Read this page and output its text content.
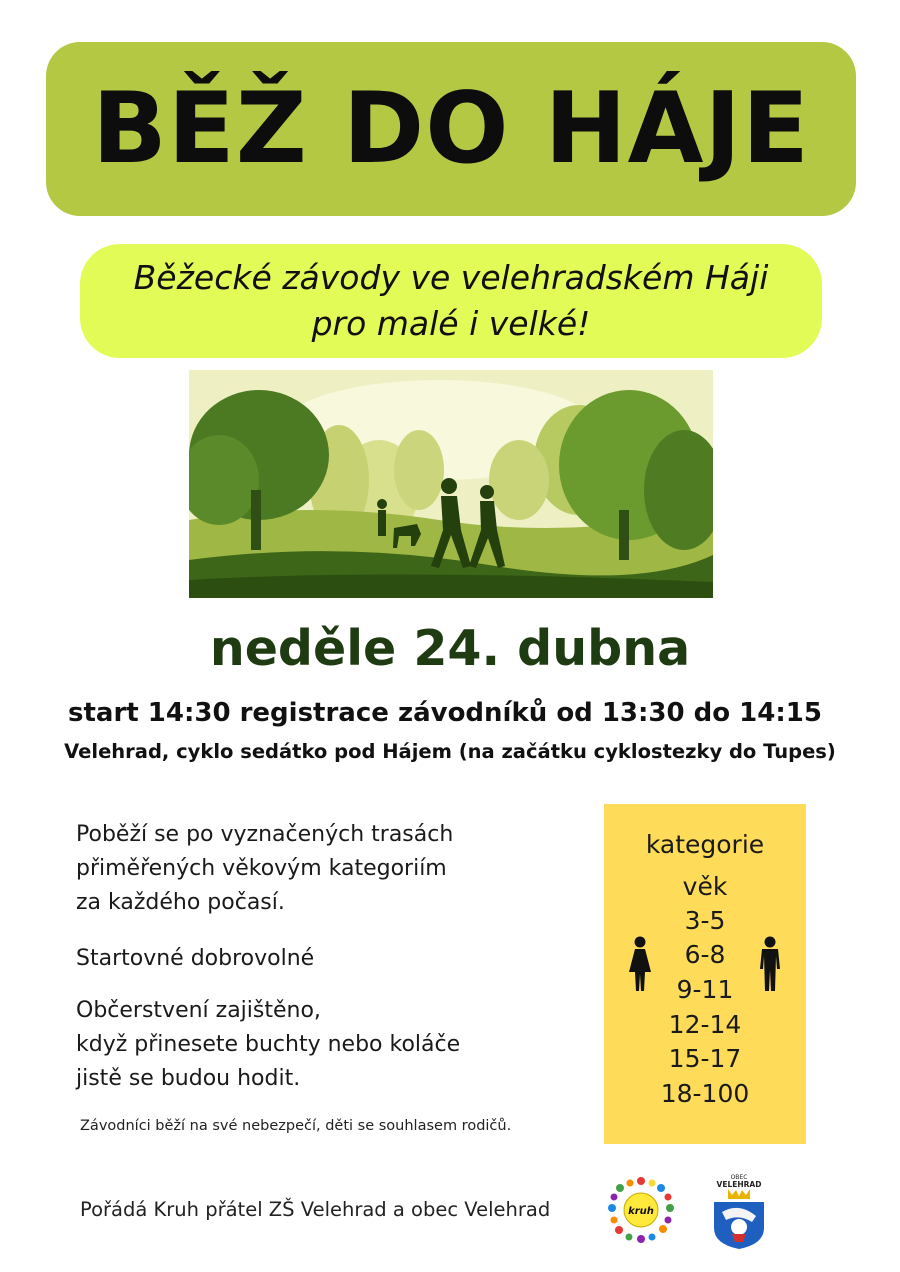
BĚŽ DO HÁJE
Běžecké závody ve velehradském Háji
pro malé i velké!
neděle 24. dubna
start 14:30 registrace závodníků od 13:30 do 14:15
Velehrad, cyklo sedátko pod Hájem (na začátku cyklostezky do Tupes)
Poběží se po vyznačených trasách
přiměřených věkovým kategoriím
za každého počasí.
Startovné dobrovolné
Občerstvení zajištěno,
když přinesete buchty nebo koláče
jistě se budou hodit.
Závodníci běží na své nebezpečí, děti se souhlasem rodičů.
kategorie
věk
3-5
6-8
9-11
12-14
15-17
18-100
Pořádá Kruh přátel ZŠ Velehrad a obec Velehrad	kruh
OBEC
VELEHRAD
